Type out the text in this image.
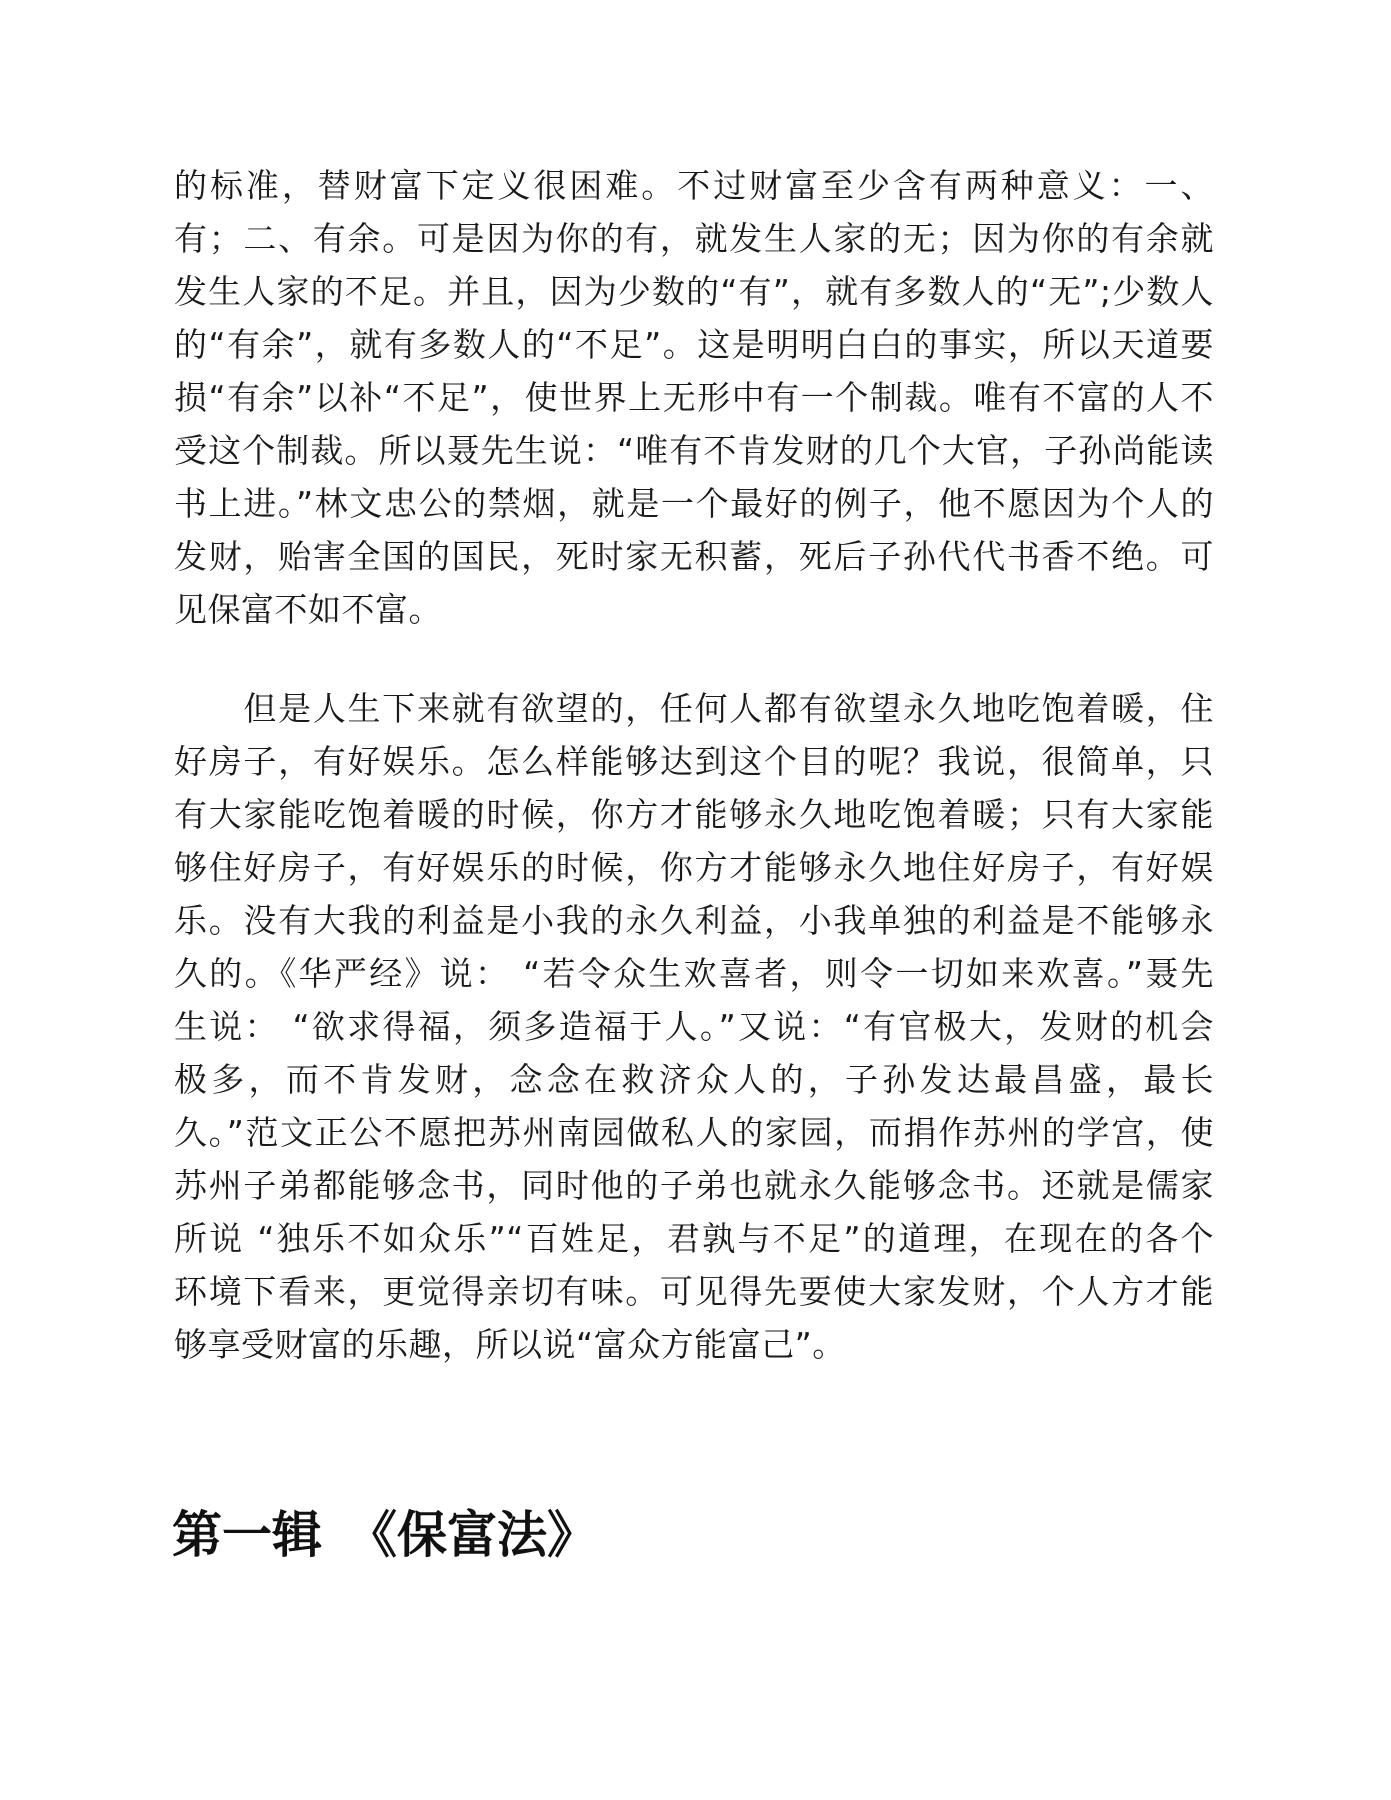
的标准，替财富下定义很困难。不过财富至少含有两种意义：一、
有；二、有余。可是因为你的有，就发生人家的无；因为你的有余就
发生人家的不足。并且，因为少数的“有”，就有多数人的“无”;少数人
的“有余”，就有多数人的“不足”。这是明明白白的事实，所以天道要
损“有余”以补“不足”，使世界上无形中有一个制裁。唯有不富的人不
受这个制裁。所以聂先生说：“唯有不肯发财的几个大官，子孙尚能读
书上进。”林文忠公的禁烟，就是一个最好的例子，他不愿因为个人的
发财，贻害全国的国民，死时家无积蓄，死后子孙代代书香不绝。可
见保富不如不富。
　　但是人生下来就有欲望的，任何人都有欲望永久地吃饱着暖，住
好房子，有好娱乐。怎么样能够达到这个目的呢？我说，很简单，只
有大家能吃饱着暖的时候，你方才能够永久地吃饱着暖；只有大家能
够住好房子，有好娱乐的时候，你方才能够永久地住好房子，有好娱
乐。没有大我的利益是小我的永久利益，小我单独的利益是不能够永
久的。《华严经》说： “若令众生欢喜者，则令一切如来欢喜。”聂先
生说： “欲求得福，须多造福于人。”又说：“有官极大，发财的机会
极多，而不肯发财，念念在救济众人的，子孙发达最昌盛，最长
久。”范文正公不愿把苏州南园做私人的家园，而捐作苏州的学宫，使
苏州子弟都能够念书，同时他的子弟也就永久能够念书。还就是儒家
所说 “独乐不如众乐”“百姓足，君孰与不足”的道理，在现在的各个
环境下看来，更觉得亲切有味。可见得先要使大家发财，个人方才能
够享受财富的乐趣，所以说“富众方能富己”。
第一辑　《保富法》
